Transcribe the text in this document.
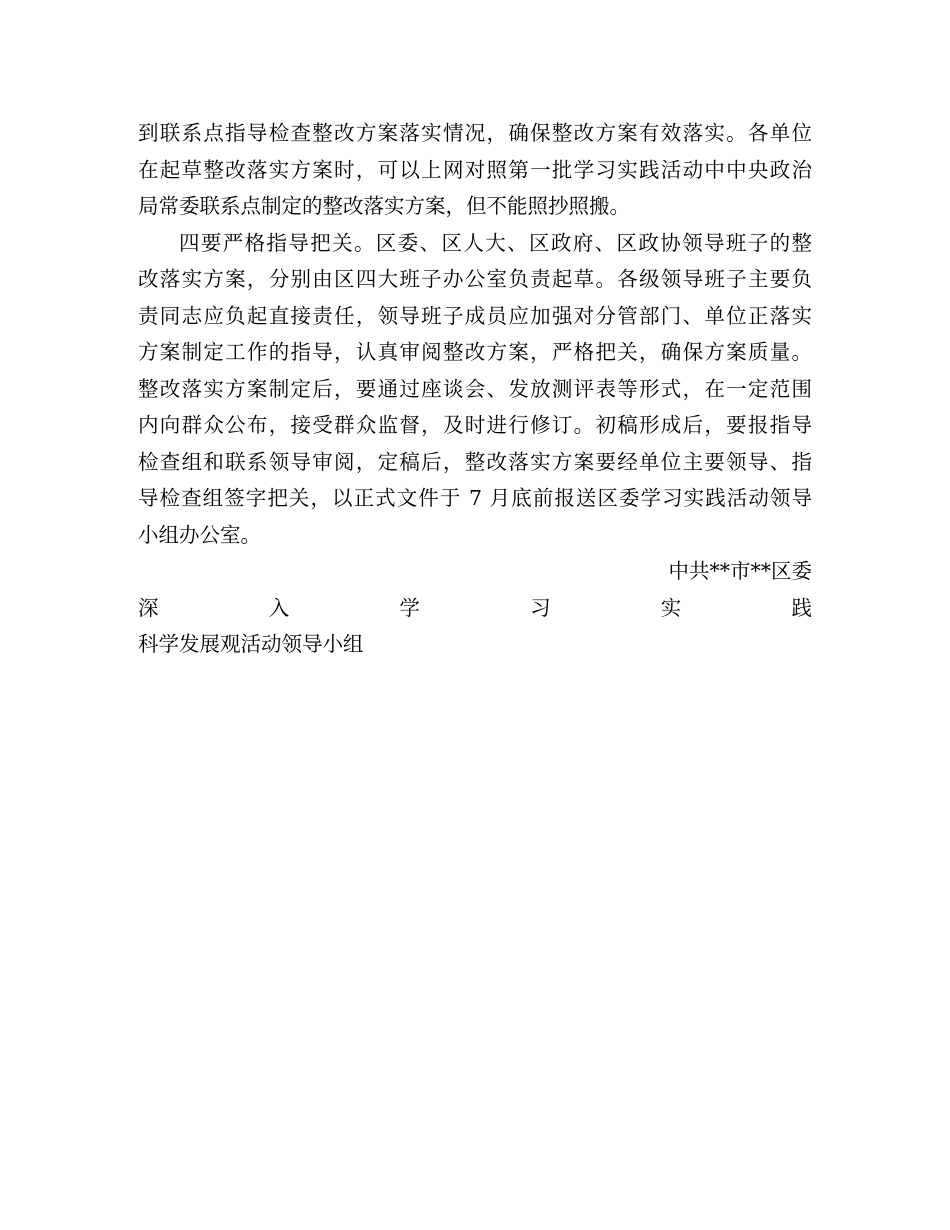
到联系点指导检查整改方案落实情况，确保整改方案有效落实。各单位
在起草整改落实方案时，可以上网对照第一批学习实践活动中中央政治
局常委联系点制定的整改落实方案，但不能照抄照搬。
四要严格指导把关。区委、区人大、区政府、区政协领导班子的整
改落实方案，分别由区四大班子办公室负责起草。各级领导班子主要负
责同志应负起直接责任，领导班子成员应加强对分管部门、单位正落实
方案制定工作的指导，认真审阅整改方案，严格把关，确保方案质量。
整改落实方案制定后，要通过座谈会、发放测评表等形式，在一定范围
内向群众公布，接受群众监督，及时进行修订。初稿形成后，要报指导
检查组和联系领导审阅，定稿后，整改落实方案要经单位主要领导、指
导检查组签字把关，以正式文件于 7 月底前报送区委学习实践活动领导
小组办公室。
中共**市**区委
深	入	学	习	实	践
科学发展观活动领导小组
